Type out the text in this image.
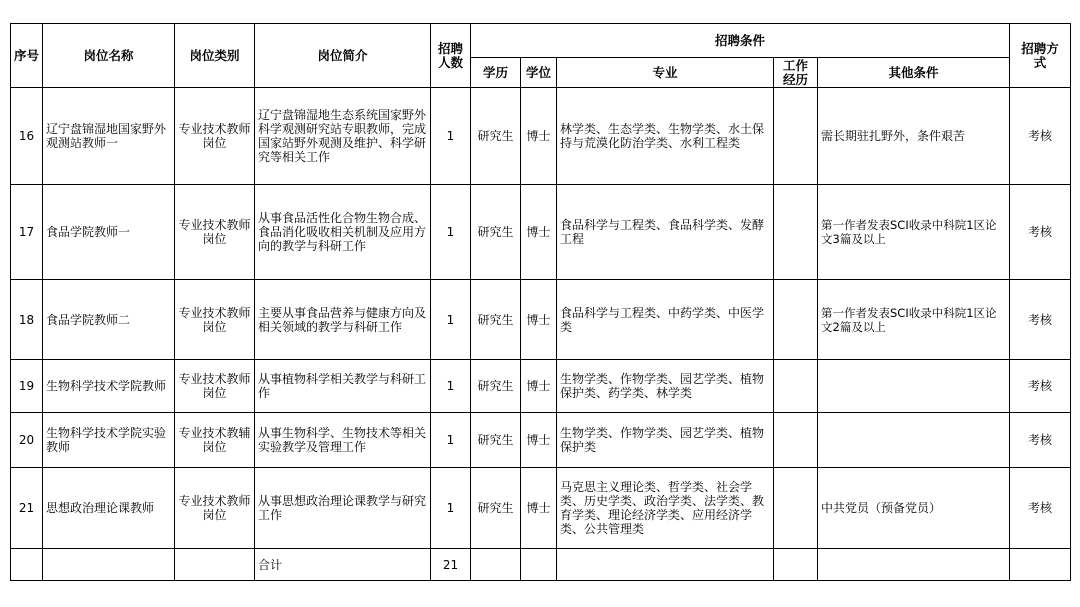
序号	岗位名称	岗位类别	岗位简介	招聘人数	招聘条件					招聘方式
					学历	学位	专业	工作经历	其他条件	
16	辽宁盘锦湿地国家野外观测站教师一	专业技术教师岗位	辽宁盘锦湿地生态系统国家野外科学观测研究站专职教师，完成国家站野外观测及维护、科学研究等相关工作	1	研究生	博士	林学类、生态学类、生物学类、水土保持与荒漠化防治学类、水利工程类		需长期驻扎野外，条件艰苦	考核
17	食品学院教师一	专业技术教师岗位	从事食品活性化合物生物合成、食品消化吸收相关机制及应用方向的教学与科研工作	1	研究生	博士	食品科学与工程类、食品科学类、发酵工程		第一作者发表SCI收录中科院1区论文3篇及以上	考核
18	食品学院教师二	专业技术教师岗位	主要从事食品营养与健康方向及相关领域的教学与科研工作	1	研究生	博士	食品科学与工程类、中药学类、中医学类		第一作者发表SCI收录中科院1区论文2篇及以上	考核
19	生物科学技术学院教师	专业技术教师岗位	从事植物科学相关教学与科研工作	1	研究生	博士	生物学类、作物学类、园艺学类、植物保护类、药学类、林学类			考核
20	生物科学技术学院实验教师	专业技术教辅岗位	从事生物科学、生物技术等相关实验教学及管理工作	1	研究生	博士	生物学类、作物学类、园艺学类、植物保护类			考核
21	思想政治理论课教师	专业技术教师岗位	从事思想政治理论课教学与研究工作	1	研究生	博士	马克思主义理论类、哲学类、社会学类、历史学类、政治学类、法学类、教育学类、理论经济学类、应用经济学类、公共管理类		中共党员（预备党员）	考核
			合计	21						
